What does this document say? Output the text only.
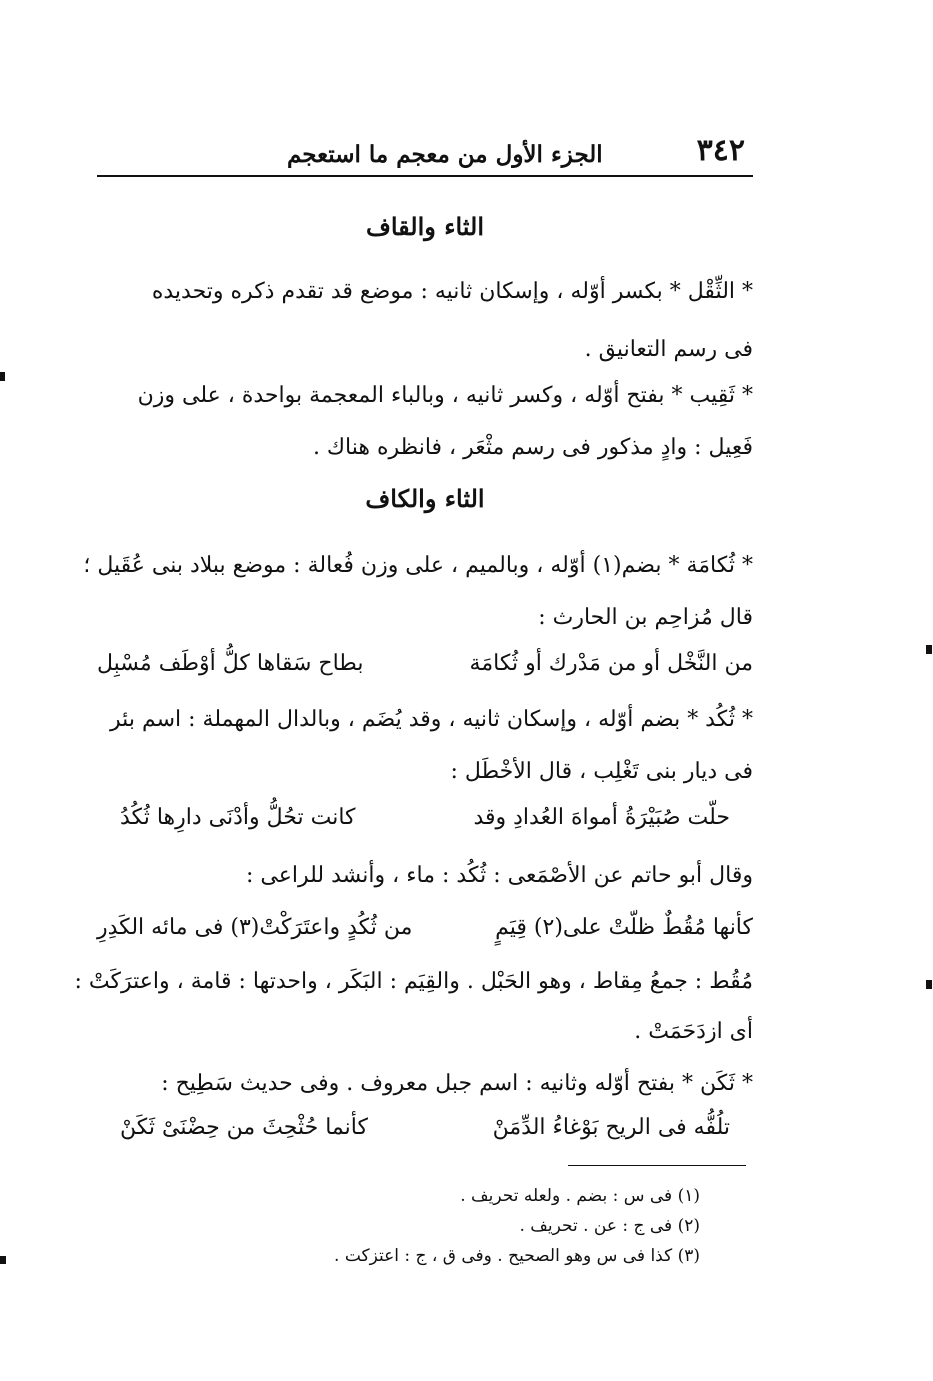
٣٤٢
الجزء الأول من معجم ما استعجم
الثاء والقاف
* الثِّقْل * بكسر أوّله ، وإسكان ثانيه : موضع قد تقدم ذكره وتحديده
فى رسم التعانيق .
* ثَقِيب * بفتح أوّله ، وكسر ثانيه ، وبالباء المعجمة بواحدة ، على وزن
فَعِيل : وادٍ مذكور فى رسم مثْعَر ، فانظره هناك .
الثاء والكاف
* ثُكامَة * بضم(١) أوّله ، وبالميم ، على وزن فُعالة : موضع ببلاد بنى عُقَيل ؛
قال مُزاحِم بن الحارث :
من النَّخْل أو من مَدْرك أو ثُكامَة
بطاح سَقاها كلُّ أوْطَف مُسْبِل
* ثُكُد * بضم أوّله ، وإسكان ثانيه ، وقد يُضَم ، وبالدال المهملة : اسم بئر
فى ديار بنى تَغْلِب ، قال الأخْطَل :
حلّت صُبَيْرَةُ أمواهَ العُدادِ وقد
كانت تحُلُّ وأدْنَى دارِها ثُكُدُ
وقال أبو حاتم عن الأصْمَعى : ثُكُد : ماء ، وأنشد للراعى :
كأنها مُقُطٌ ظلّتْ على(٢) قِيَمٍ
من ثُكُدٍ واعتَرَكْتْ(٣) فى مائه الكَدِرِ
مُقُط : جمعُ مِقاط ، وهو الحَبْل . والقِيَم : البَكَر ، واحدتها : قامة ، واعترَكَتْ :
أى ازدَحَمَتْ .
* ثَكَن * بفتح أوّله وثانيه : اسم جبل معروف . وفى حديث سَطِيح :
تلُفُّه فى الريح بَوْغاءُ الدِّمَنْ
كأنما حُثْحِثَ من حِضْنَىْ ثَكَنْ
(١) فى س : بضم . ولعله تحريف .
(٢) فى ج : عن . تحريف .
(٣) كذا فى س وهو الصحيح . وفى ق ، ج : اعتزكت .
